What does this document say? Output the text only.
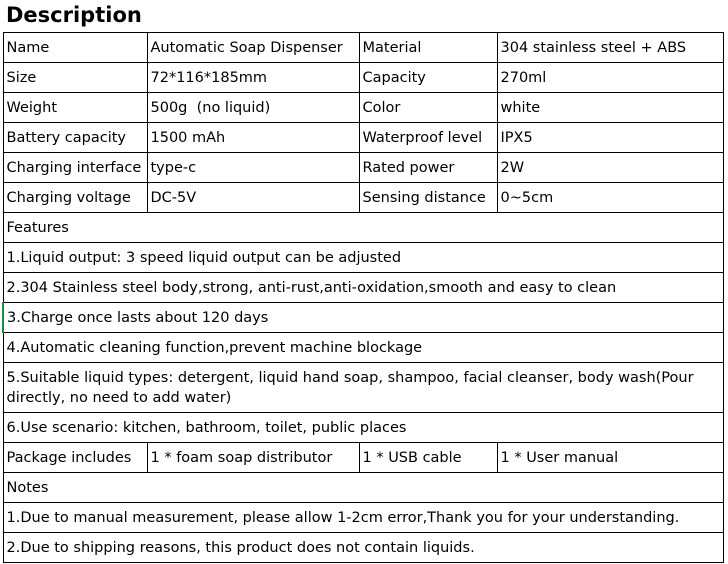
Description
Name	Automatic Soap Dispenser	Material	304 stainless steel + ABS
Size	72*116*185mm	Capacity	270ml
Weight	500g  (no liquid)	Color	white
Battery capacity	1500 mAh	Waterproof level	IPX5
Charging interface	type-c	Rated power	2W
Charging voltage	DC-5V	Sensing distance	0~5cm
Features			
1.Liquid output: 3 speed liquid output can be adjusted			
2.304 Stainless steel body,strong, anti-rust,anti-oxidation,smooth and easy to clean			
3.Charge once lasts about 120 days			
4.Automatic cleaning function,prevent machine blockage			
5.Suitable liquid types: detergent, liquid hand soap, shampoo, facial cleanser, body wash(Pour directly, no need to add water)			
6.Use scenario: kitchen, bathroom, toilet, public places			
Package includes	1 * foam soap distributor	1 * USB cable	1 * User manual
Notes			
1.Due to manual measurement, please allow 1-2cm error,Thank you for your understanding.			
2.Due to shipping reasons, this product does not contain liquids.			
